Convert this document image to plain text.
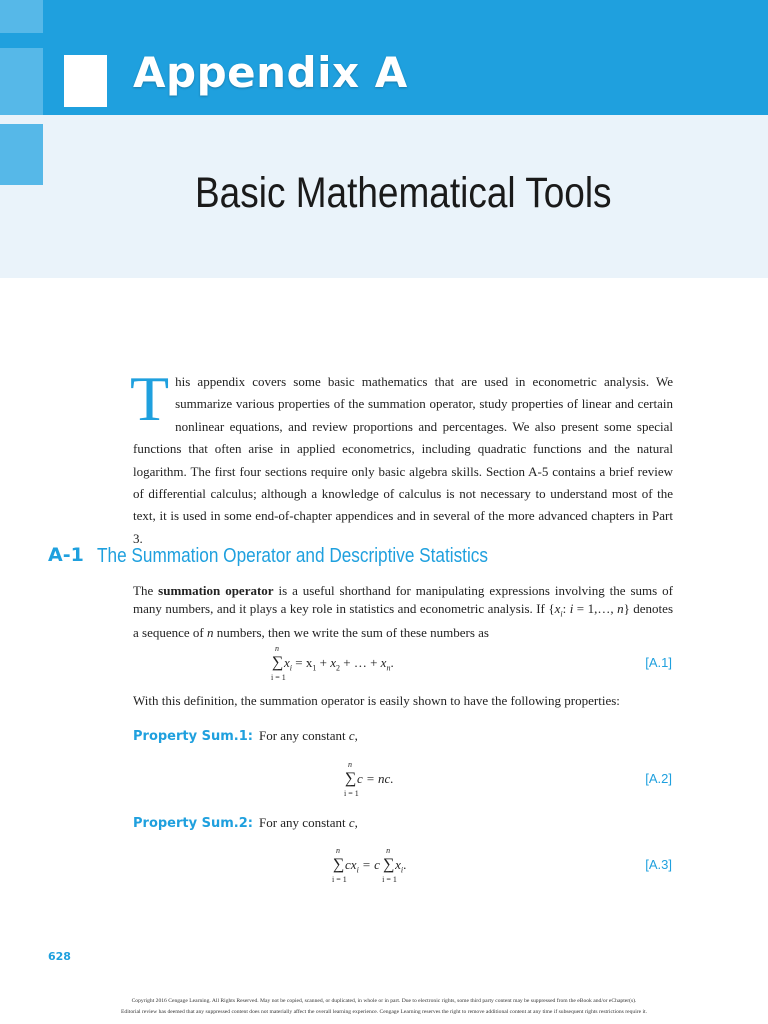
Appendix A
Basic Mathematical Tools
T his appendix covers some basic mathematics that are used in econometric analysis. We summarize various properties of the summation operator, study properties of linear and certain nonlinear equations, and review proportions and percentages. We also present some special functions that often arise in applied econometrics, including quadratic functions and the natural logarithm. The first four sections require only basic algebra skills. Section A-5 contains a brief review of differential calculus; although a knowledge of calculus is not necessary to understand most of the text, it is used in some end-of-chapter appendices and in several of the more advanced chapters in Part 3.
A-1 The Summation Operator and Descriptive Statistics
The summation operator is a useful shorthand for manipulating expressions involving the sums of many numbers, and it plays a key role in statistics and econometric analysis. If {$x_i$: i = 1,…, n} denotes a sequence of n numbers, then we write the sum of these numbers as
∑
n
i = 1
$x_i = x_1 + x_2$ + … + $x_n$.	[A.1]
With this definition, the summation operator is easily shown to have the following properties:
Property Sum.1: For any constant c,
∑
n
i = 1
c = nc.	[A.2]
Property Sum.2: For any constant c,
∑
n
i = 1
$cx_i = c$ ∑
n
i = 1
$x_i$.	[A.3]
628
Copyright 2016 Cengage Learning. All Rights Reserved. May not be copied, scanned, or duplicated, in whole or in part. Due to electronic rights, some third party content may be suppressed from the eBook and/or eChapter(s).
Editorial review has deemed that any suppressed content does not materially affect the overall learning experience. Cengage Learning reserves the right to remove additional content at any time if subsequent rights restrictions require it.
